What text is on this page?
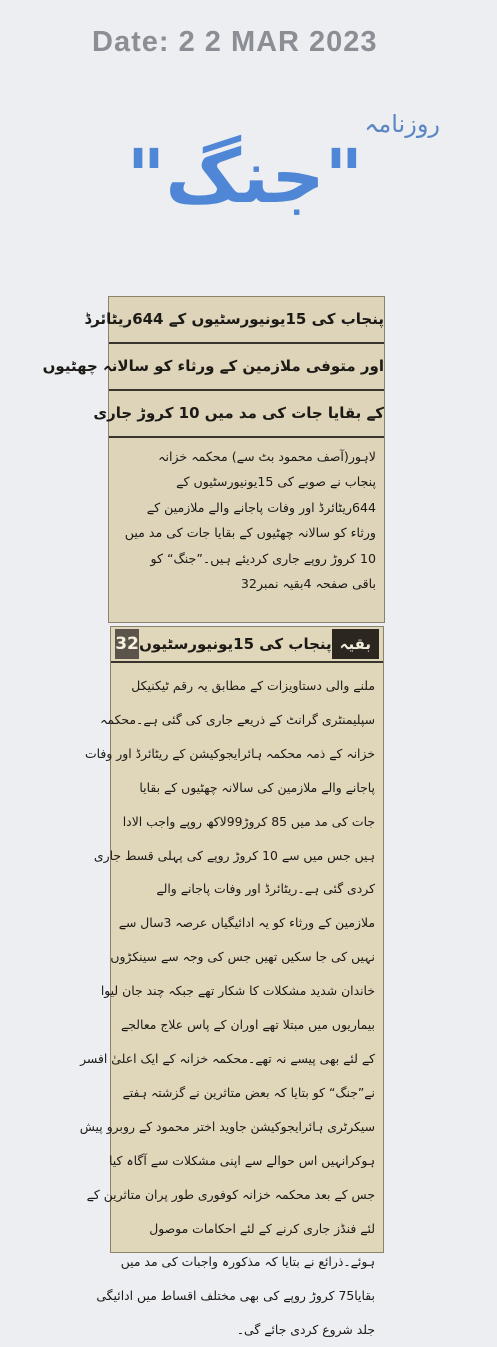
Date: 2 2 MAR 2023
روزنامہ
"جنگ"
پنجاب کی 15یونیورسٹیوں کے 644ریٹائرڈ
اور متوفی ملازمین کے ورثاء کو سالانہ چھٹیوں
کے بقایا جات کی مد میں 10 کروڑ جاری

لاہور(آصف محمود بٹ سے) محکمہ خزانہ

پنجاب نے صوبے کی 15یونیورسٹیوں کے

644ریٹائرڈ اور وفات پاجانے والے ملازمین کے

ورثاء کو سالانہ چھٹیوں کے بقایا جات کی مد میں

10 کروڑ روپے جاری کردیئے ہیں۔”جنگ“ کو

باقی صفحہ 4بقیہ نمبر32

بقیہ
پنجاب کی 15یونیورسٹیوں
32

ملنے والی دستاویزات کے مطابق یہ رقم ٹیکنیکل

سپلیمنٹری گرانٹ کے ذریعے جاری کی گئی ہے۔محکمہ

خزانہ کے ذمہ محکمہ ہائرایجوکیشن کے ریٹائرڈ اور وفات

پاجانے والے ملازمین کی سالانہ چھٹیوں کے بقایا

جات کی مد میں 85 کروڑ99لاکھ روپے واجب الادا

ہیں جس میں سے 10 کروڑ روپے کی پہلی قسط جاری

کردی گئی ہے۔ریٹائرڈ اور وفات پاجانے والے

ملازمین کے ورثاء کو یہ ادائیگیاں عرصہ 3سال سے

نہیں کی جا سکیں تھیں جس کی وجہ سے سینکڑوں

خاندان شدید مشکلات کا شکار تھے جبکہ چند جان لیوا

بیماریوں میں مبتلا تھے اوران کے پاس علاج معالجے

کے لئے بھی پیسے نہ تھے۔محکمہ خزانہ کے ایک اعلیٰ افسر

نے”جنگ“ کو بتایا کہ بعض متاثرین نے گزشتہ ہفتے

سیکرٹری ہائرایجوکیشن جاوید اختر محمود کے روبرو پیش

ہوکرانہیں اس حوالے سے اپنی مشکلات سے آگاہ کیا

جس کے بعد محکمہ خزانہ کوفوری طور پران متاثرین کے

لئے فنڈز جاری کرنے کے لئے احکامات موصول

ہوئے۔ذرائع نے بتایا کہ مذکورہ واجبات کی مد میں

بقایا75 کروڑ روپے کی بھی مختلف اقساط میں ادائیگی

جلد شروع کردی جائے گی۔
